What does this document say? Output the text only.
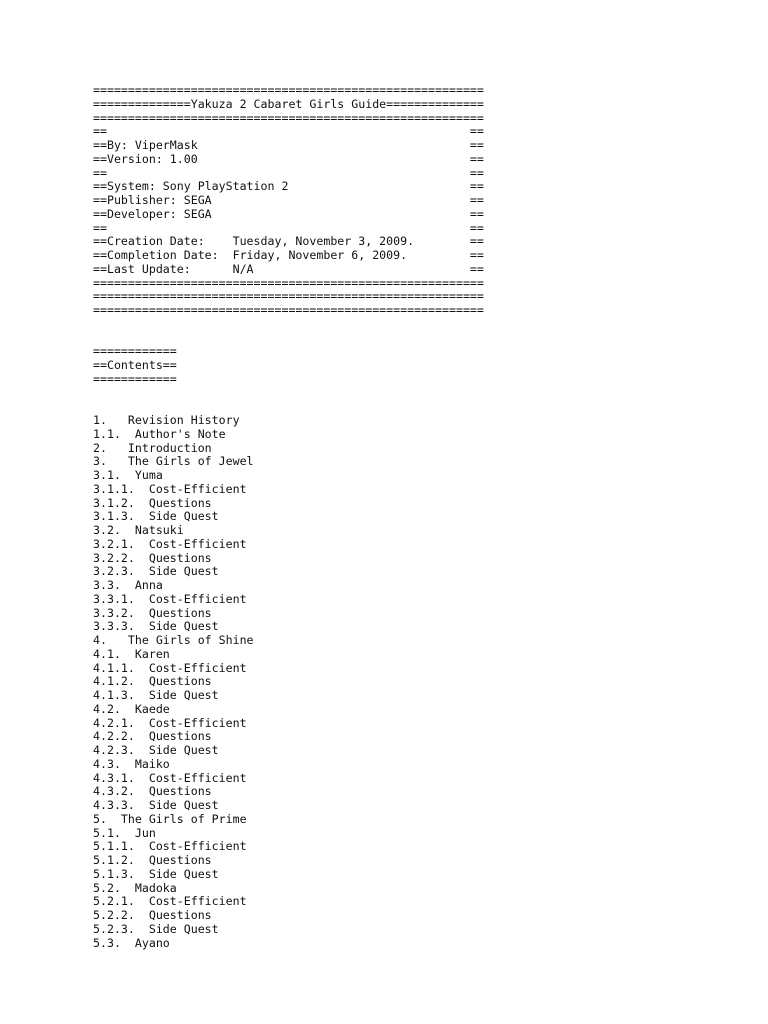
========================================================
==============Yakuza 2 Cabaret Girls Guide==============
========================================================
==                                                    ==
==By: ViperMask                                       ==
==Version: 1.00                                       ==
==                                                    ==
==System: Sony PlayStation 2                          ==
==Publisher: SEGA                                     ==
==Developer: SEGA                                     ==
==                                                    ==
==Creation Date:    Tuesday, November 3, 2009.        ==
==Completion Date:  Friday, November 6, 2009.         ==
==Last Update:      N/A                               ==
========================================================
========================================================
========================================================
============
==Contents==
============
1.   Revision History
1.1.  Author's Note
2.   Introduction
3.   The Girls of Jewel
3.1.  Yuma
3.1.1.  Cost-Efficient
3.1.2.  Questions
3.1.3.  Side Quest
3.2.  Natsuki
3.2.1.  Cost-Efficient
3.2.2.  Questions
3.2.3.  Side Quest
3.3.  Anna
3.3.1.  Cost-Efficient
3.3.2.  Questions
3.3.3.  Side Quest
4.   The Girls of Shine
4.1.  Karen
4.1.1.  Cost-Efficient
4.1.2.  Questions
4.1.3.  Side Quest
4.2.  Kaede
4.2.1.  Cost-Efficient
4.2.2.  Questions
4.2.3.  Side Quest
4.3.  Maiko
4.3.1.  Cost-Efficient
4.3.2.  Questions
4.3.3.  Side Quest
5.  The Girls of Prime
5.1.  Jun
5.1.1.  Cost-Efficient
5.1.2.  Questions
5.1.3.  Side Quest
5.2.  Madoka
5.2.1.  Cost-Efficient
5.2.2.  Questions
5.2.3.  Side Quest
5.3.  Ayano
